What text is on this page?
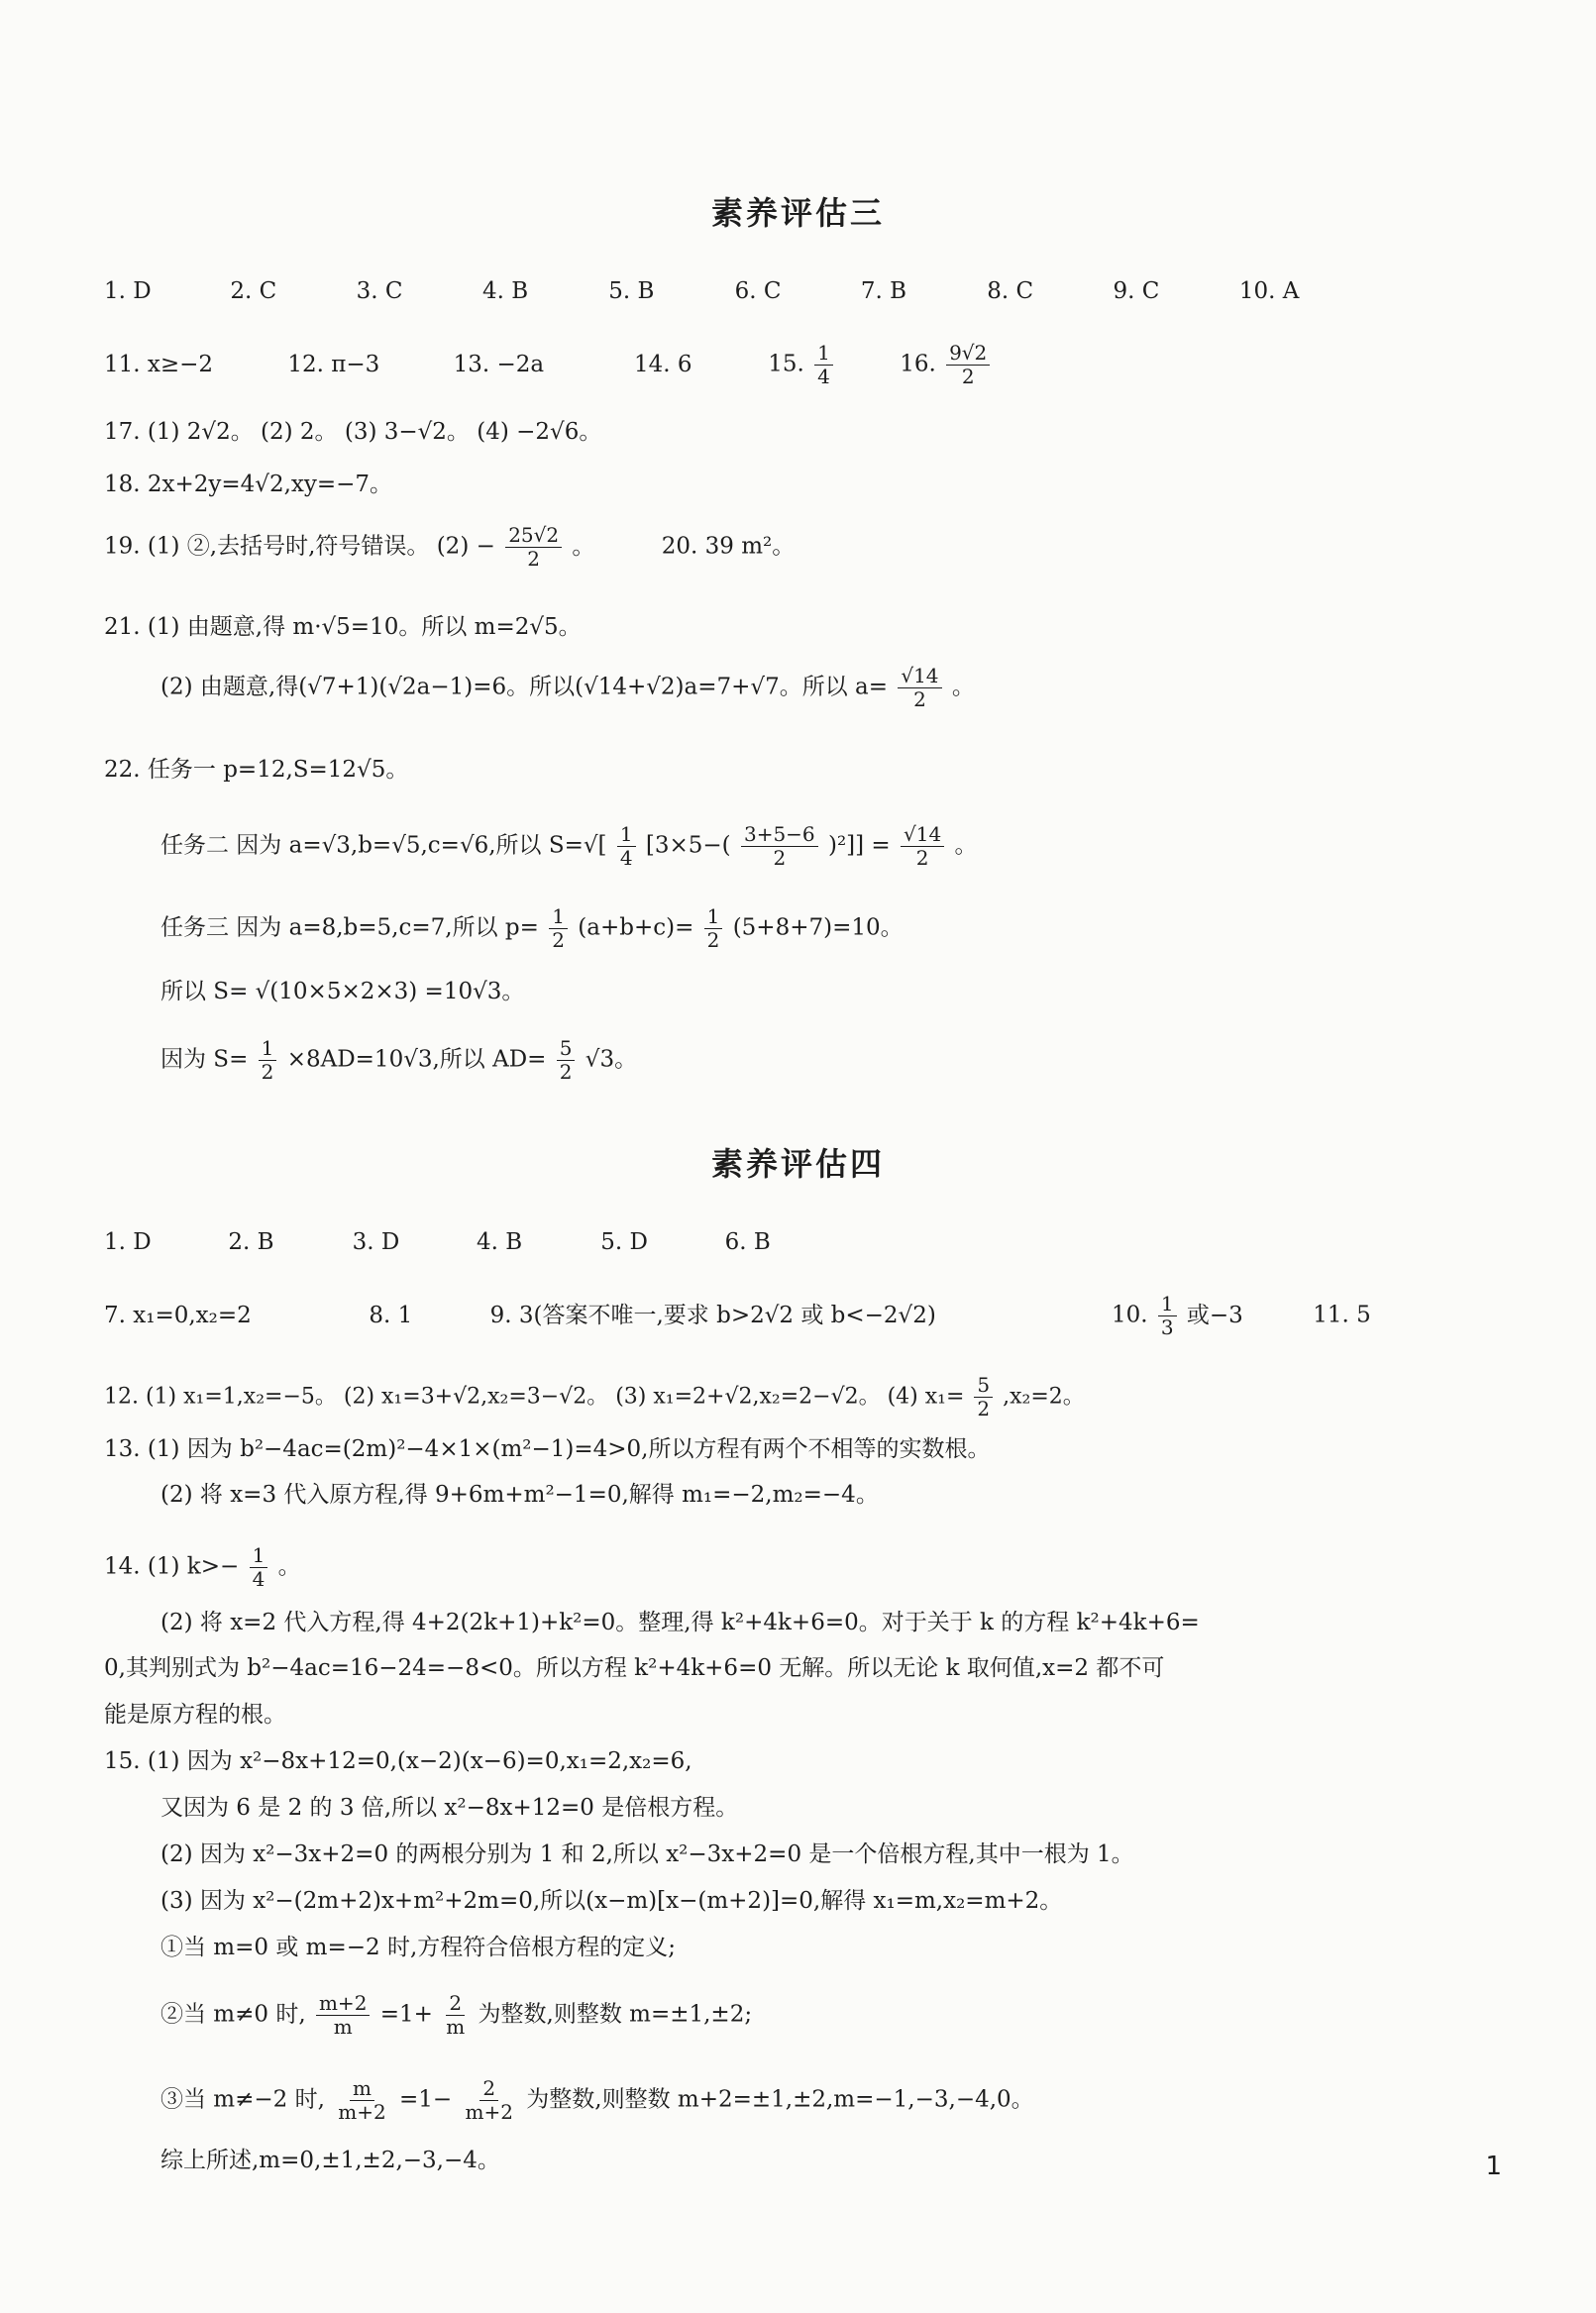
素养评估三
1. D	2. C	3. C	4. B	5. B	6. C	7. B	8. C	9. C	10. A
11. x≥−2	12. π−3	13. −2a	14. 6	15. $\frac{1}{4}$	16. $\frac{9√2}{2}$
17. (1) 2√2。 (2) 2。 (3) 3−√2。 (4) −2√6。
18. 2x+2y=4√2,xy=−7。
19. (1) ②,去括号时,符号错误。 $(2) - \frac{25√2}{2}$ 。	20. 39 m²。
21. (1) 由题意,得 m·√5=10。所以 m=2√5。
(2) 由题意,得(√7+1)(√2a−1)=6。所以(√14+√2)a=7+√7。所以 $a= \frac{√14}{2}$ 。
22. 任务一 p=12,S=12√5。
任务二 因为 a=√3,b=√5,c=√6,所以 $S=√[ \frac{1}{4} [3\times 5-( \frac{3+5-6}{2} )^2]] = \frac{√14}{2}$ 。
任务三 因为 a=8,b=5,c=7,所以 $p= \frac{1}{2} (a+b+c)= \frac{1}{2} (5+8+7)=10$。
所以 S= √(10×5×2×3) =10√3。
因为 $S= \frac{1}{2} \times 8AD=10√3$,所以 $AD= \frac{5}{2} √3$。
素养评估四
1. D	2. B	3. D	4. B	5. D	6. B
7. x₁=0,x₂=2	8. 1	9. 3(答案不唯一,要求 b>2√2 或 b<−2√2)	10. $\frac{1}{3}$ 或−3	11. 5
12. (1) x₁=1,x₂=−5。 (2) x₁=3+√2,x₂=3−√2。 (3) x₁=2+√2,x₂=2−√2。 (4) $x_1= \frac{5}{2} ,x_2=2$。
13. (1) 因为 b²−4ac=(2m)²−4×1×(m²−1)=4>0,所以方程有两个不相等的实数根。
(2) 将 x=3 代入原方程,得 9+6m+m²−1=0,解得 m₁=−2,m₂=−4。
14. (1) $k>- \frac{1}{4}$ 。
(2) 将 x=2 代入方程,得 4+2(2k+1)+k²=0。整理,得 k²+4k+6=0。对于关于 k 的方程 k²+4k+6=
0,其判别式为 b²−4ac=16−24=−8<0。所以方程 k²+4k+6=0 无解。所以无论 k 取何值,x=2 都不可
能是原方程的根。
15. (1) 因为 x²−8x+12=0,(x−2)(x−6)=0,x₁=2,x₂=6,
又因为 6 是 2 的 3 倍,所以 x²−8x+12=0 是倍根方程。
(2) 因为 x²−3x+2=0 的两根分别为 1 和 2,所以 x²−3x+2=0 是一个倍根方程,其中一根为 1。
(3) 因为 x²−(2m+2)x+m²+2m=0,所以(x−m)[x−(m+2)]=0,解得 x₁=m,x₂=m+2。
①当 m=0 或 m=−2 时,方程符合倍根方程的定义;
②当 m≠0 时, $\frac{m+2}{m} =1+ \frac{2}{m}$ 为整数,则整数 m=±1,±2;
③当 m≠−2 时, $\frac{m}{m+2} =1- \frac{2}{m+2}$ 为整数,则整数 m+2=±1,±2,m=−1,−3,−4,0。
综上所述,m=0,±1,±2,−3,−4。	1
